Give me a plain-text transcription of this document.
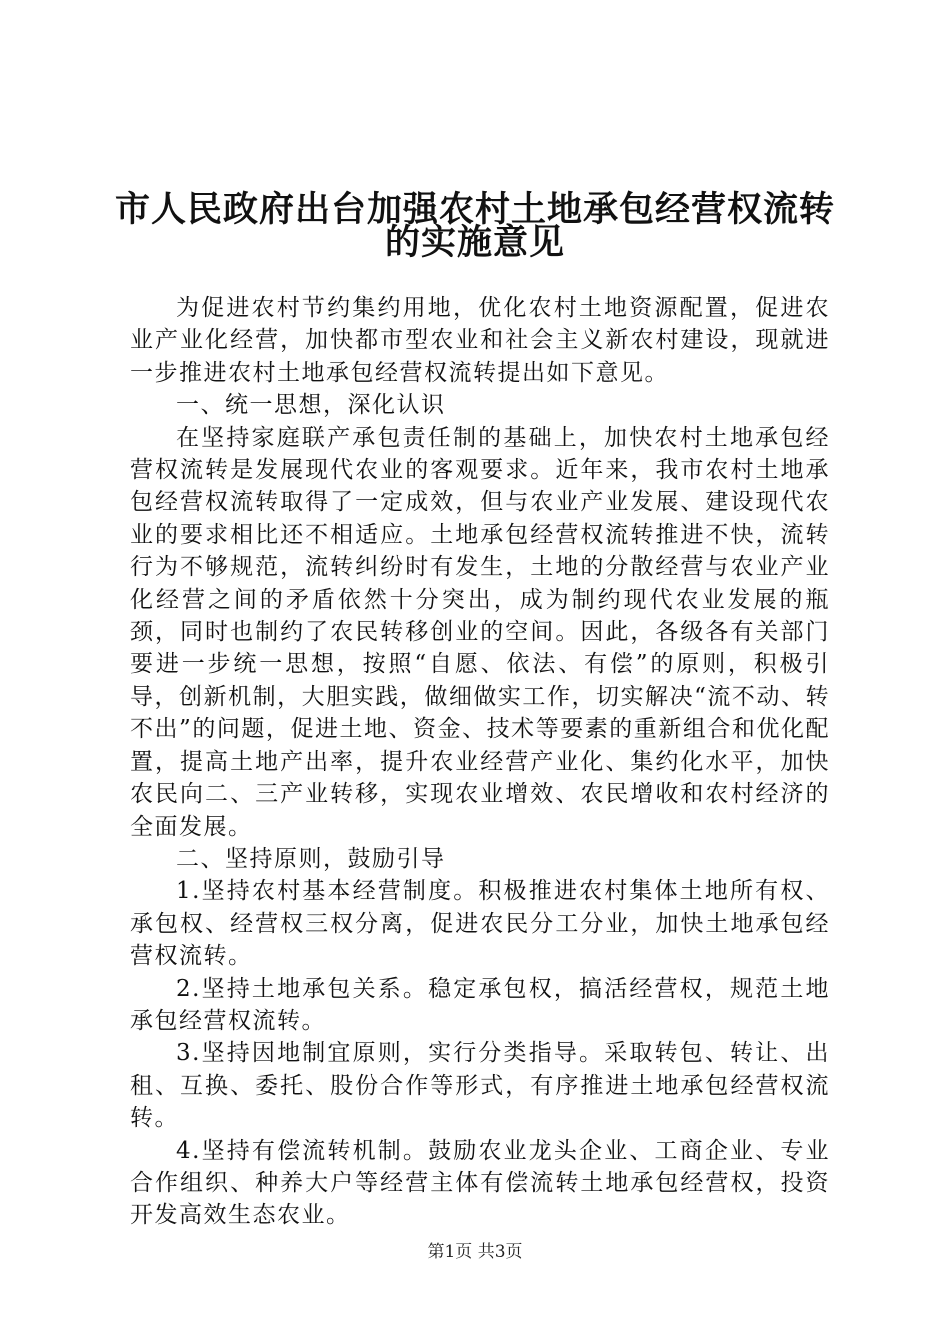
市人民政府出台加强农村土地承包经营权流转
的实施意见

为促进农村节约集约用地，优化农村土地资源配置，促进农业产业化经营，加快都市型农业和社会主义新农村建设，现就进一步推进农村土地承包经营权流转提出如下意见。

一、统一思想，深化认识

在坚持家庭联产承包责任制的基础上，加快农村土地承包经营权流转是发展现代农业的客观要求。近年来，我市农村土地承包经营权流转取得了一定成效，但与农业产业发展、建设现代农业的要求相比还不相适应。土地承包经营权流转推进不快，流转行为不够规范，流转纠纷时有发生，土地的分散经营与农业产业化经营之间的矛盾依然十分突出，成为制约现代农业发展的瓶颈，同时也制约了农民转移创业的空间。因此，各级各有关部门要进一步统一思想，按照“自愿、依法、有偿”的原则，积极引导，创新机制，大胆实践，做细做实工作，切实解决“流不动、转不出”的问题，促进土地、资金、技术等要素的重新组合和优化配置，提高土地产出率，提升农业经营产业化、集约化水平，加快农民向二、三产业转移，实现农业增效、农民增收和农村经济的全面发展。

二、坚持原则，鼓励引导

1.坚持农村基本经营制度。积极推进农村集体土地所有权、承包权、经营权三权分离，促进农民分工分业，加快土地承包经营权流转。

2.坚持土地承包关系。稳定承包权，搞活经营权，规范土地承包经营权流转。

3.坚持因地制宜原则，实行分类指导。采取转包、转让、出租、互换、委托、股份合作等形式，有序推进土地承包经营权流转。

4.坚持有偿流转机制。鼓励农业龙头企业、工商企业、专业合作组织、种养大户等经营主体有偿流转土地承包经营权，投资开发高效生态农业。

第1页 共3页
